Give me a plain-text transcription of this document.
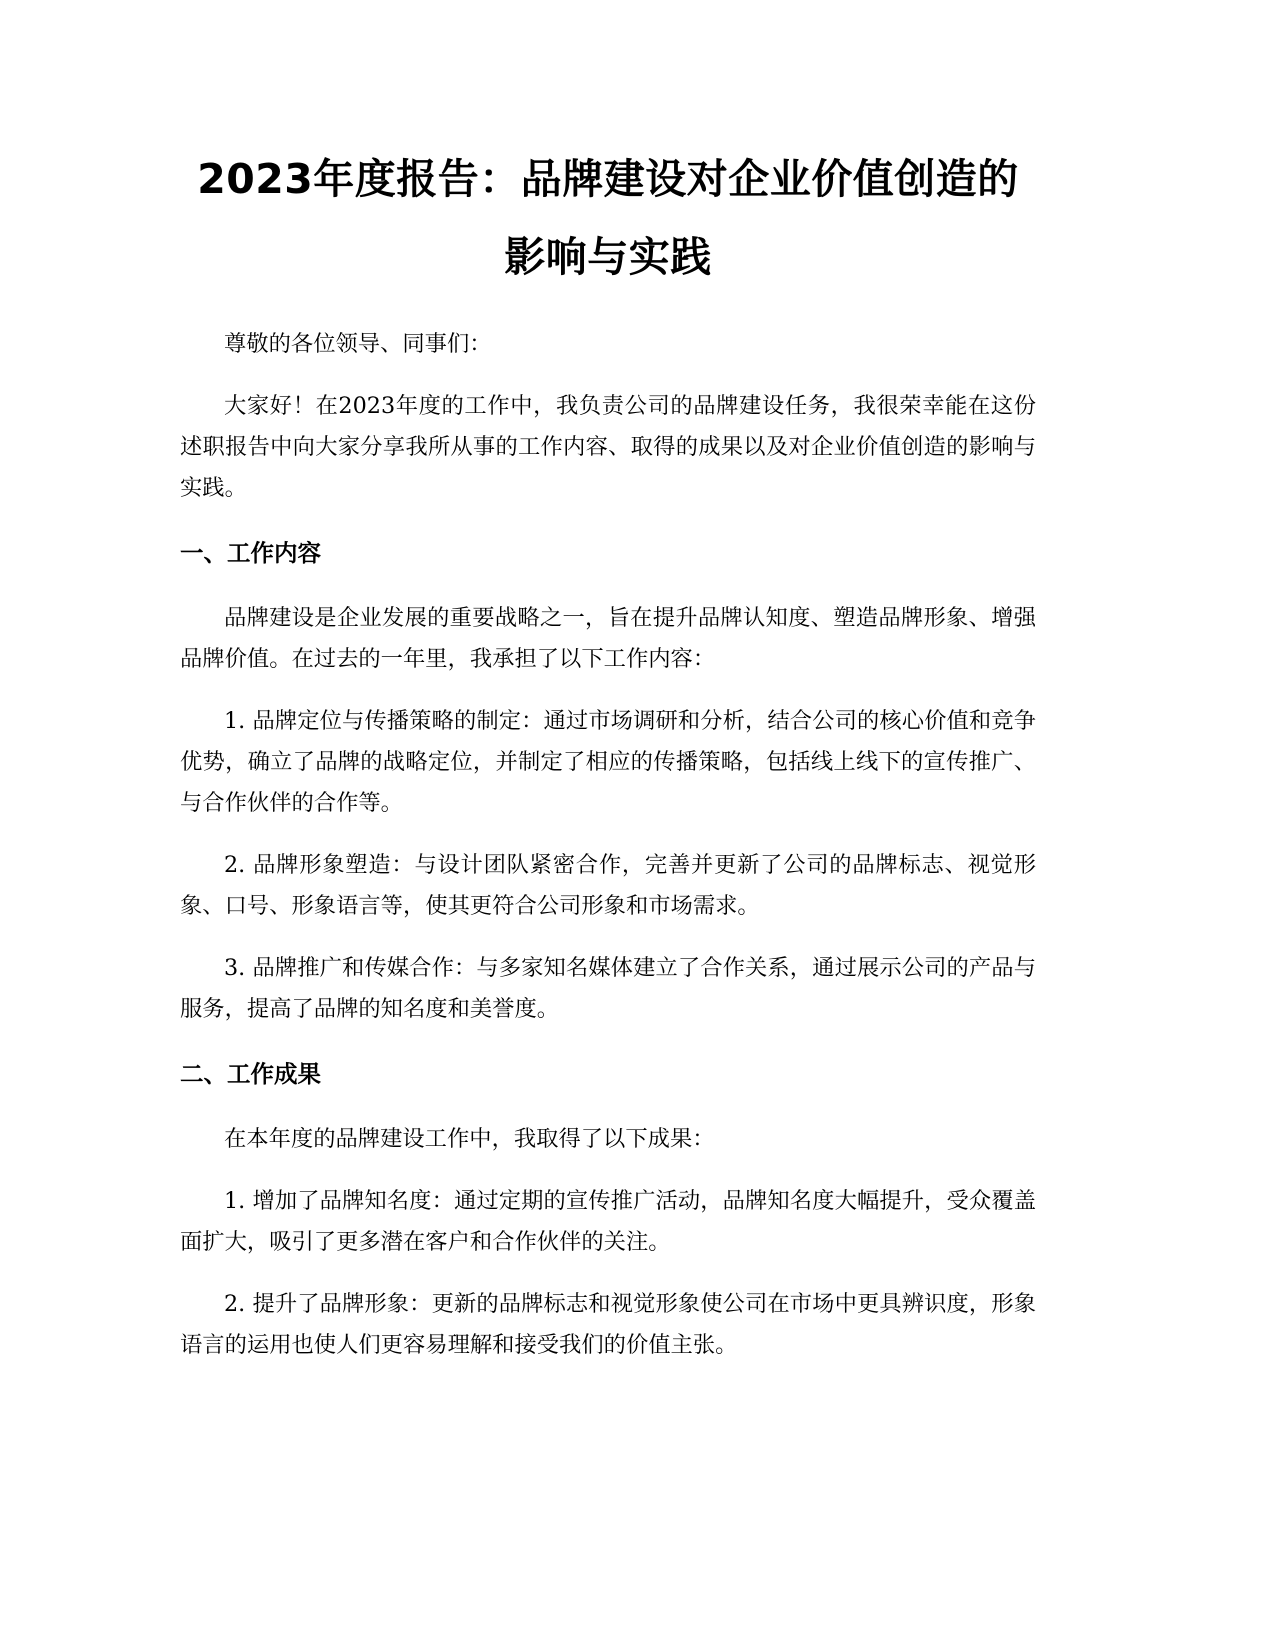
2023年度报告：品牌建设对企业价值创造的
影响与实践

尊敬的各位领导、同事们：

大家好！在2023年度的工作中，我负责公司的品牌建设任务，我很荣幸能在这份述职报告中向大家分享我所从事的工作内容、取得的成果以及对企业价值创造的影响与实践。

一、工作内容

品牌建设是企业发展的重要战略之一，旨在提升品牌认知度、塑造品牌形象、增强品牌价值。在过去的一年里，我承担了以下工作内容：

1. 品牌定位与传播策略的制定：通过市场调研和分析，结合公司的核心价值和竞争优势，确立了品牌的战略定位，并制定了相应的传播策略，包括线上线下的宣传推广、与合作伙伴的合作等。

2. 品牌形象塑造：与设计团队紧密合作，完善并更新了公司的品牌标志、视觉形象、口号、形象语言等，使其更符合公司形象和市场需求。

3. 品牌推广和传媒合作：与多家知名媒体建立了合作关系，通过展示公司的产品与服务，提高了品牌的知名度和美誉度。

二、工作成果

在本年度的品牌建设工作中，我取得了以下成果：

1. 增加了品牌知名度：通过定期的宣传推广活动，品牌知名度大幅提升，受众覆盖面扩大，吸引了更多潜在客户和合作伙伴的关注。

2. 提升了品牌形象：更新的品牌标志和视觉形象使公司在市场中更具辨识度，形象语言的运用也使人们更容易理解和接受我们的价值主张。
